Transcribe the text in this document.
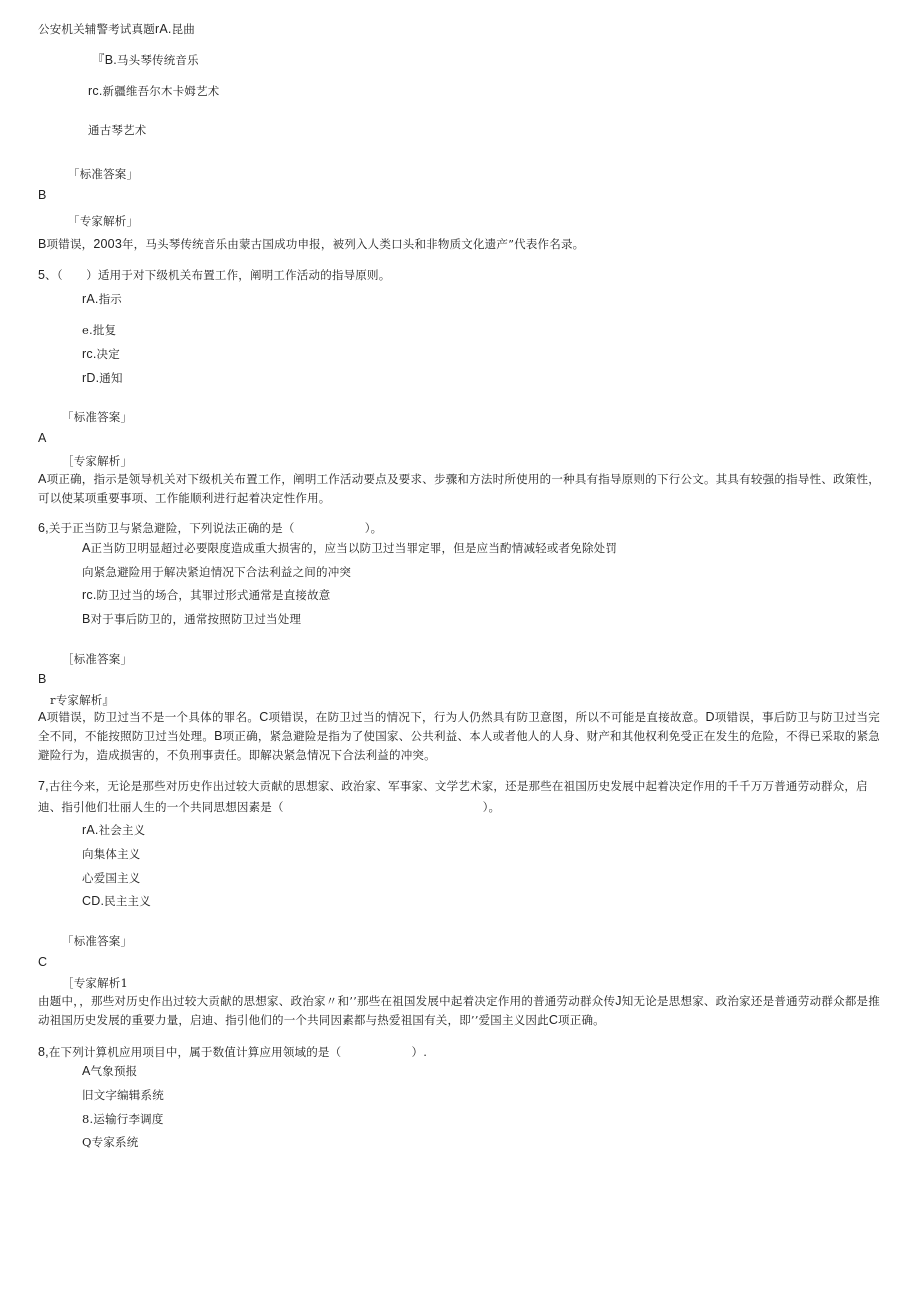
公安机关辅警考试真题rA.昆曲
『B.马头琴传统音乐
rc.新疆维吾尔木卡姆艺术
通古琴艺术
「标准答案」
B
「专家解析」
B项错误，2003年，马头琴传统音乐由蒙古国成功申报，被列入人类口头和非物质文化遗产”代表作名录。
5、（　　）适用于对下级机关布置工作，阐明工作活动的指导原则。
rA.指示
e.批复
rc.决定
rD.通知
「标准答案」
A
［专家解析」
A项正确，指示是领导机关对下级机关布置工作，阐明工作活动要点及要求、步骤和方法时所使用的一种具有指导原则的下行公文。其具有较强的指导性、政策性，可以使某项重要事项、工作能顺利进行起着决定性作用。
6,关于正当防卫与紧急避险，下列说法正确的是（　　　　　　）。
A正当防卫明显超过必要限度造成重大损害的，应当以防卫过当罪定罪，但是应当酌情减轻或者免除处罚
向紧急避险用于解决紧迫情况下合法利益之间的冲突
rc.防卫过当的场合，其罪过形式通常是直接故意
B对于事后防卫的，通常按照防卫过当处理
［标准答案」
B
r专家解析』
A项错误，防卫过当不是一个具体的罪名。C项错误，在防卫过当的情况下，行为人仍然具有防卫意图，所以不可能是直接故意。D项错误，事后防卫与防卫过当完全不同，不能按照防卫过当处理。B项正确，紧急避险是指为了使国家、公共利益、本人或者他人的人身、财产和其他权利免受正在发生的危险，不得已采取的紧急避险行为，造成损害的，不负刑事责任。即解决紧急情况下合法利益的冲突。
7,古往今来，无论是那些对历史作出过较大贡献的思想家、政治家、军事家、文学艺术家，还是那些在祖国历史发展中起着决定作用的千千万万普通劳动群众，启
迪、指引他们壮丽人生的一个共同思想因素是（　　　　　　　　　　　　　　　　　）。
rA.社会主义
向集体主义
心爱国主义
CD.民主主义
「标准答案」
C
［专家解析1
由题中，，那些对历史作出过较大贡献的思想家、政治家〃和’’那些在祖国发展中起着决定作用的普通劳动群众传J知无论是思想家、政治家还是普通劳动群众都是推动祖国历史发展的重要力量，启迪、指引他们的一个共同因素都与热爱祖国有关，即’’爱国主义因此C项正确。
8,在下列计算机应用项目中，属于数值计算应用领域的是（　　　　　　）.
A气象预报
旧文字编辑系统
8.运输行李调度
Q专家系统
